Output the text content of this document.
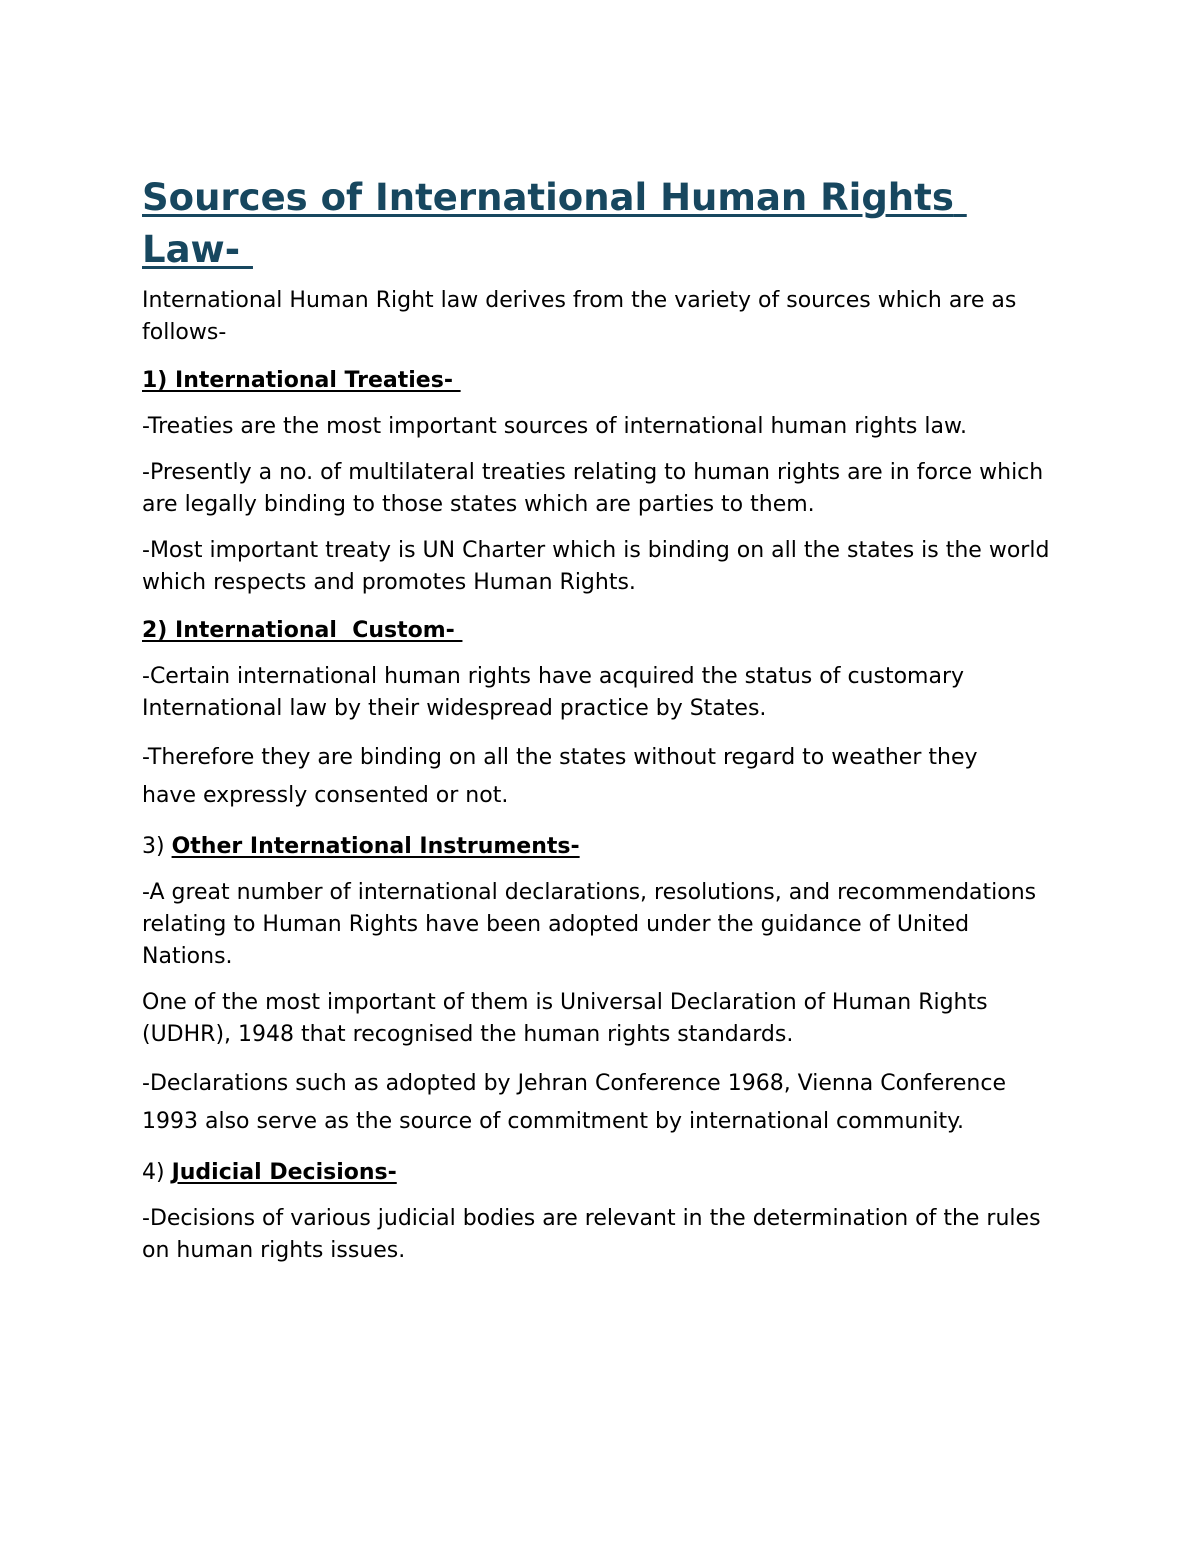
Sources of International Human Rights Law-

International Human Right law derives from the variety of sources which are as follows-

1) International Treaties-

-Treaties are the most important sources of international human rights law.

-Presently a no. of multilateral treaties relating to human rights are in force which are legally binding to those states which are parties to them.

-Most important treaty is UN Charter which is binding on all the states is the world which respects and promotes Human Rights.

2) International  Custom-

-Certain international human rights have acquired the status of customary International law by their widespread practice by States.

-Therefore they are binding on all the states without regard to weather they have expressly consented or not.

3) Other International Instruments-

-A great number of international declarations, resolutions, and recommendations relating to Human Rights have been adopted under the guidance of United Nations.

One of the most important of them is Universal Declaration of Human Rights (UDHR), 1948 that recognised the human rights standards.

-Declarations such as adopted by Jehran Conference 1968, Vienna Conference 1993 also serve as the source of commitment by international community.

4) Judicial Decisions-

-Decisions of various judicial bodies are relevant in the determination of the rules on human rights issues.
